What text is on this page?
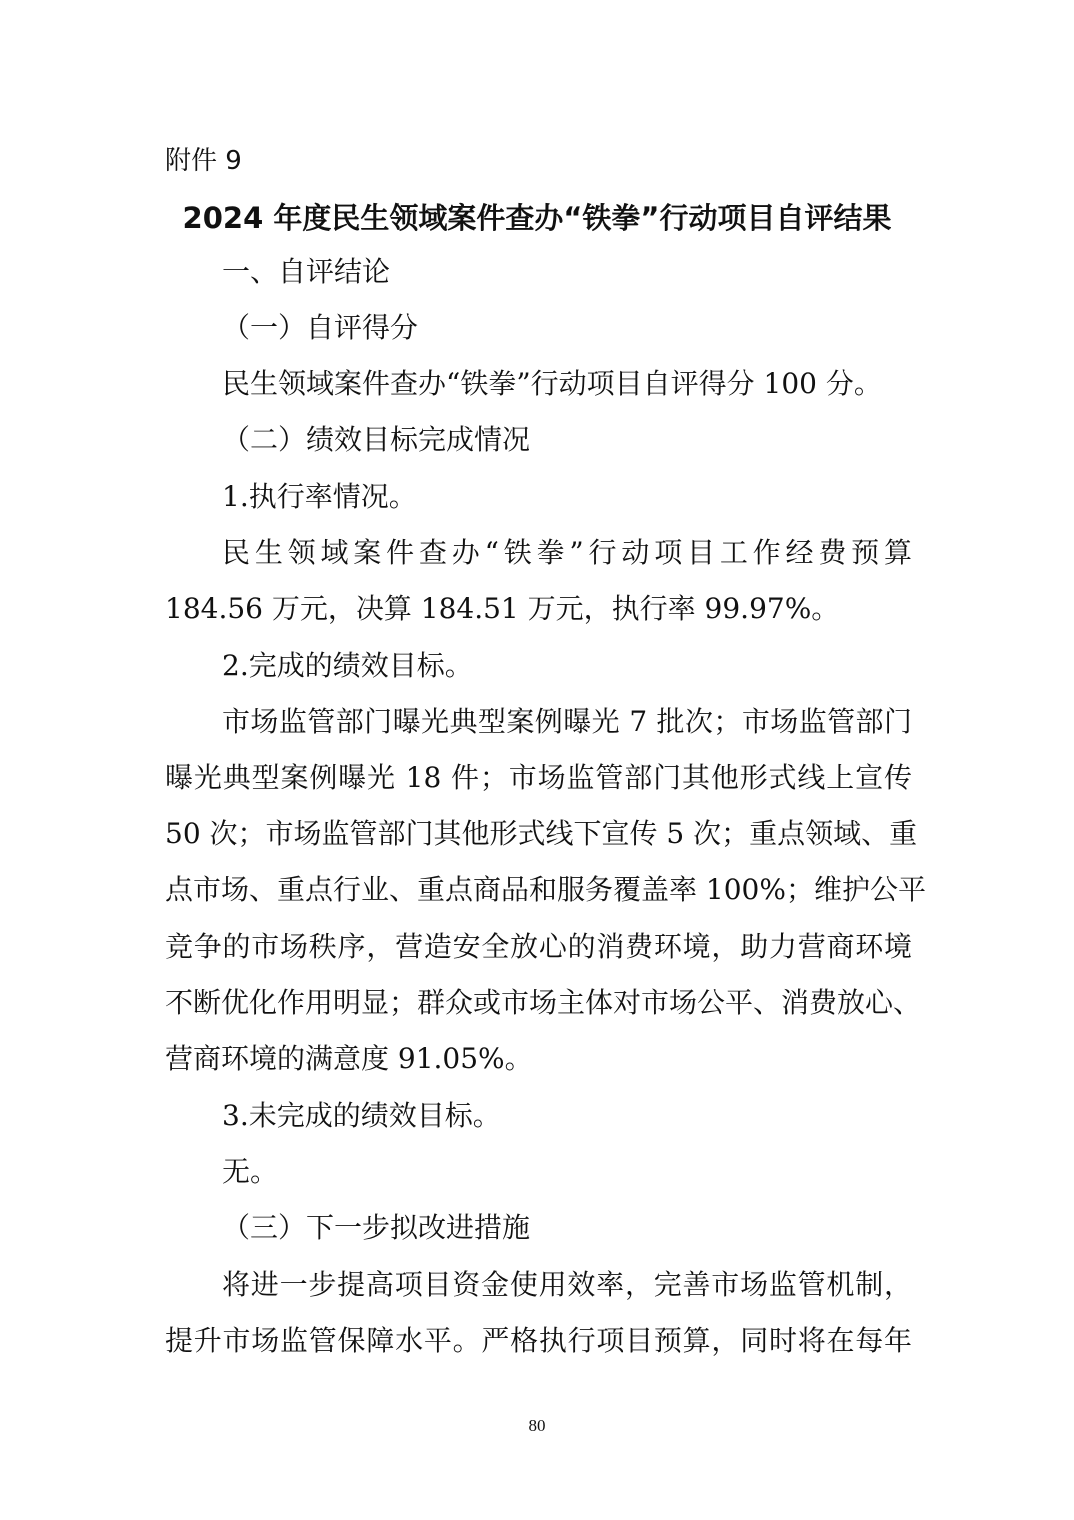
附件 9
2024 年度民生领域案件查办“铁拳”行动项目自评结果
一、自评结论
（一）自评得分
民生领域案件查办“铁拳”行动项目自评得分 100 分。
（二）绩效目标完成情况
1.执行率情况。
民生领域案件查办“铁拳”行动项目工作经费预算
184.56 万元，决算 184.51 万元，执行率 99.97%。
2.完成的绩效目标。
市场监管部门曝光典型案例曝光 7 批次；市场监管部门
曝光典型案例曝光 18 件；市场监管部门其他形式线上宣传
50 次；市场监管部门其他形式线下宣传 5 次；重点领域、重
点市场、重点行业、重点商品和服务覆盖率 100%；维护公平
竞争的市场秩序，营造安全放心的消费环境，助力营商环境
不断优化作用明显；群众或市场主体对市场公平、消费放心、
营商环境的满意度 91.05%。
3.未完成的绩效目标。
无。
（三）下一步拟改进措施
将进一步提高项目资金使用效率，完善市场监管机制，
提升市场监管保障水平。严格执行项目预算，同时将在每年
80
